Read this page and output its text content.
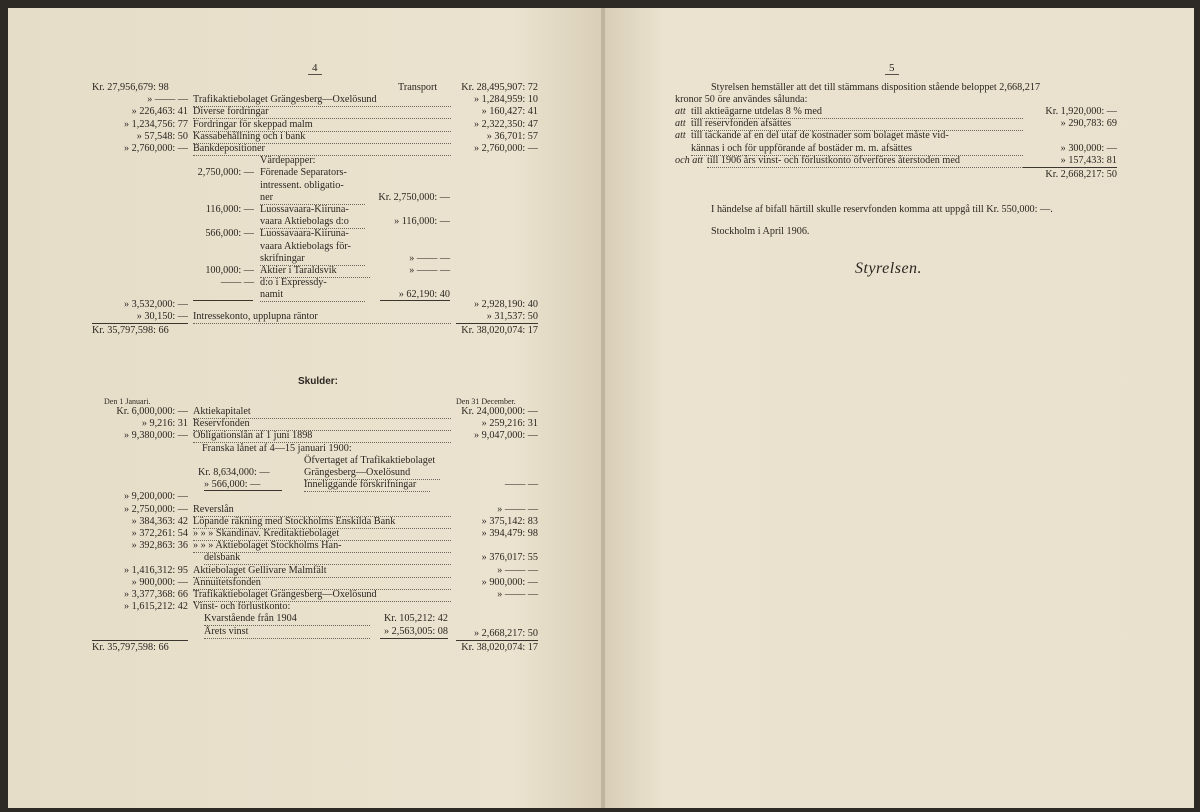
4
Kr. 27,956,679: 98	Transport Kr. 28,495,907: 72
» —— — Trafikaktiebolaget Grängesberg—Oxelösund	» 1,284,959: 10
» 226,463: 41 Diverse fordringar	» 160,427: 41
» 1,234,756: 77 Fordringar för skeppad malm	» 2,322,350: 47
» 57,548: 50 Kassabehållning och i bank	» 36,701: 57
» 2,760,000: — Bankdepositioner	» 2,760,000: —
Värdepapper:
2,750,000: — Förenade Separators-
intressent. obligatio-
ner	Kr. 2,750,000: —
116,000: — Luossavaara-Kiiruna-
vaara Aktiebolags d:o	» 116,000: —
566,000: — Luossavaara-Kiiruna-
vaara Aktiebolags för-
skrifningar	» —— —
100,000: — Aktier i Taraldsvik	» —— —
—— — d:o i Expressdy-
namit	» 62,190: 40
» 3,532,000: —	» 2,928,190: 40
» 30,150: — Intressekonto, upplupna räntor	» 31,537: 50
Kr. 35,797,598: 66	Kr. 38,020,074: 17
Skulder:
Den 1 Januari.	Den 31 December.
Kr. 6,000,000: — Aktiekapitalet	Kr. 24,000,000: —
» 9,216: 31 Reservfonden	» 259,216: 31
» 9,380,000: — Obligationslån af 1 juni 1898	» 9,047,000: —
Franska lånet af 4—15 januari 1900:
Öfvertaget af Trafikaktiebolaget
Kr. 8,634,000: —	Grängesberg—Oxelösund
» 566,000: —	Inneliggande förskrifningar	—— —
» 9,200,000: —
» 2,750,000: — Reverslån	» —— —
» 384,363: 42 Löpande räkning med Stockholms Enskilda Bank	» 375,142: 83
» 372,261: 54 » » » Skandinav. Kreditaktiebolaget	» 394,479: 98
» 392,863: 36 » » » Aktiebolaget Stockholms Han-
delsbank	» 376,017: 55
» 1,416,312: 95 Aktiebolaget Gellivare Malmfält	» —— —
» 900,000: — Annuitetsfonden	» 900,000: —
» 3,377,368: 66 Trafikaktiebolaget Grängesberg—Oxelösund	» —— —
» 1,615,212: 42 Vinst- och förlustkonto:
Kvarstående från 1904	Kr. 105,212: 42
Årets vinst	» 2,563,005: 08	» 2,668,217: 50
Kr. 35,797,598: 66	Kr. 38,020,074: 17
5
Styrelsen hemställer att det till stämmans disposition stående beloppet 2,668,217
kronor 50 öre användes sålunda:
att till aktieägarne utdelas 8 % med	Kr. 1,920,000: —
att till reservfonden afsättes	» 290,783: 69
att till täckande af en del utaf de kostnader som bolaget måste vid-
kännas i och för uppförande af bostäder m. m. afsättes	» 300,000: —
och att till 1906 års vinst- och förlustkonto öfverföres återstoden med	» 157,433: 81
Kr. 2,668,217: 50
I händelse af bifall härtill skulle reservfonden komma att uppgå till Kr. 550,000: —.
Stockholm i April 1906.
Styrelsen.
